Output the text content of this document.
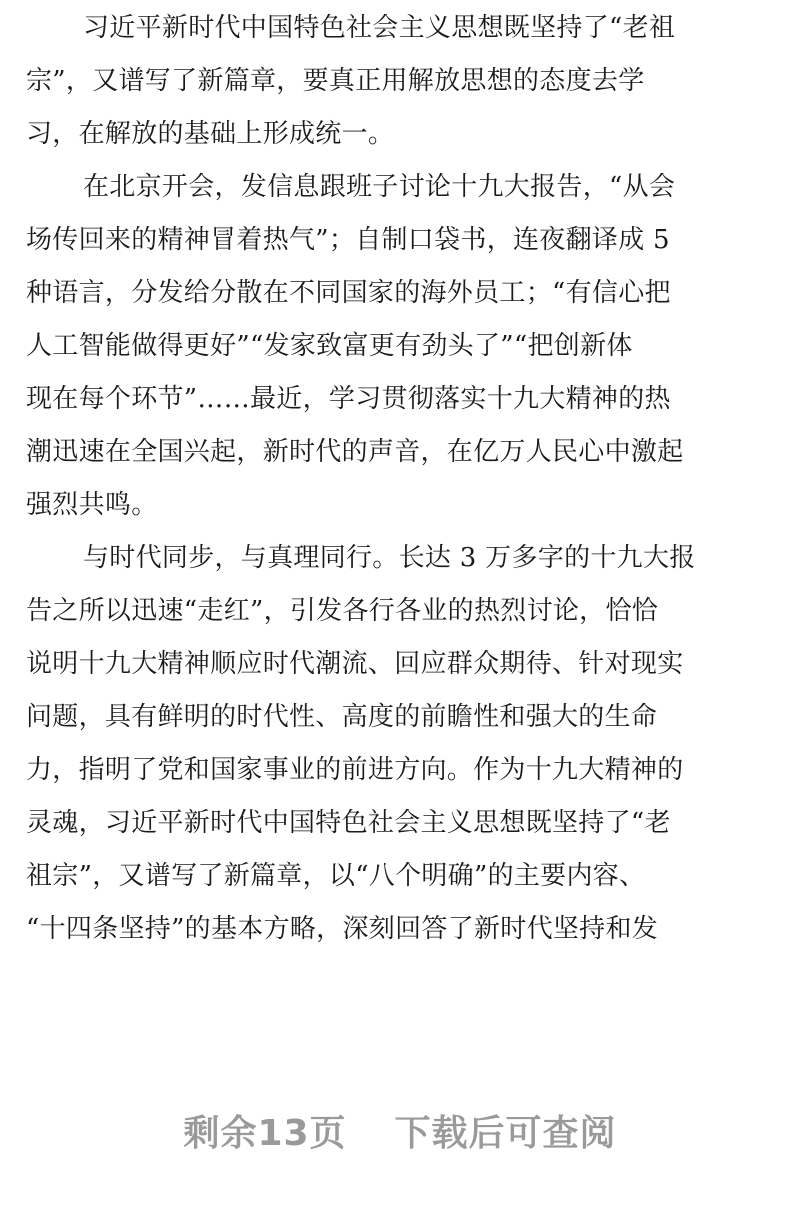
习近平新时代中国特色社会主义思想既坚持了“老祖
宗”，又谱写了新篇章，要真正用解放思想的态度去学
习，在解放的基础上形成统一。
在北京开会，发信息跟班子讨论十九大报告，“从会
场传回来的精神冒着热气”；自制口袋书，连夜翻译成 5
种语言，分发给分散在不同国家的海外员工；“有信心把
人工智能做得更好”“发家致富更有劲头了”“把创新体
现在每个环节”……最近，学习贯彻落实十九大精神的热
潮迅速在全国兴起，新时代的声音，在亿万人民心中激起
强烈共鸣。
与时代同步，与真理同行。长达 3 万多字的十九大报
告之所以迅速“走红”，引发各行各业的热烈讨论，恰恰
说明十九大精神顺应时代潮流、回应群众期待、针对现实
问题，具有鲜明的时代性、高度的前瞻性和强大的生命
力，指明了党和国家事业的前进方向。作为十九大精神的
灵魂，习近平新时代中国特色社会主义思想既坚持了“老
祖宗”，又谱写了新篇章，以“八个明确”的主要内容、
“十四条坚持”的基本方略，深刻回答了新时代坚持和发
剩余13页 下载后可查阅
